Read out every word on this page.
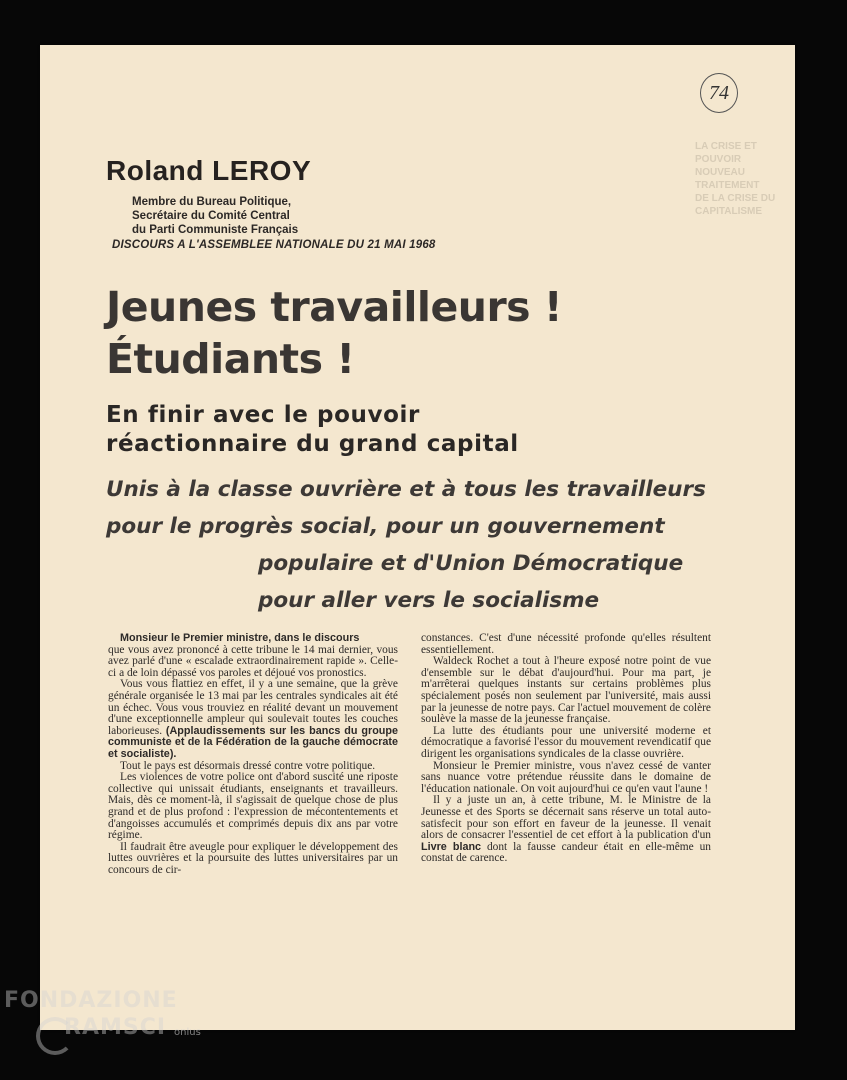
74
LA CRISE ET POUVOIR
NOUVEAU TRAITEMENT
DE LA CRISE DU CAPITALISME
Roland LEROY
Membre du Bureau Politique,
Secrétaire du Comité Central
du Parti Communiste Français
DISCOURS A L'ASSEMBLEE NATIONALE DU 21 MAI 1968
Jeunes travailleurs !
Étudiants !
En finir avec le pouvoir
réactionnaire du grand capital
Unis à la classe ouvrière et à tous les travailleurs
pour le progrès social, pour un gouvernement
populaire et d'Union Démocratique
pour aller vers le socialisme

Monsieur le Premier ministre, dans le discours

que vous avez prononcé à cette tribune le 14 mai dernier, vous avez parlé d'une « escalade extraordinairement rapide ». Celle-ci a de loin dépassé vos paroles et déjoué vos pronostics.

Vous vous flattiez en effet, il y a une semaine, que la grève générale organisée le 13 mai par les centrales syndicales ait été un échec. Vous vous trouviez en réalité devant un mouvement d'une exceptionnelle ampleur qui soulevait toutes les couches laborieuses. (Applaudissements sur les bancs du groupe communiste et de la Fédération de la gauche démocrate et socialiste).

Tout le pays est désormais dressé contre votre politique.

Les violences de votre police ont d'abord suscité une riposte collective qui unissait étudiants, enseignants et travailleurs. Mais, dès ce moment-là, il s'agissait de quelque chose de plus grand et de plus profond : l'expression de mécontentements et d'angoisses accumulés et comprimés depuis dix ans par votre régime.

Il faudrait être aveugle pour expliquer le développement des luttes ouvrières et la poursuite des luttes universitaires par un concours de cir-

constances. C'est d'une nécessité profonde qu'elles résultent essentiellement.

Waldeck Rochet a tout à l'heure exposé notre point de vue d'ensemble sur le débat d'aujourd'hui. Pour ma part, je m'arrêterai quelques instants sur certains problèmes plus spécialement posés non seulement par l'université, mais aussi par la jeunesse de notre pays. Car l'actuel mouvement de colère soulève la masse de la jeunesse française.

La lutte des étudiants pour une université moderne et démocratique a favorisé l'essor du mouvement revendicatif que dirigent les organisations syndicales de la classe ouvrière.

Monsieur le Premier ministre, vous n'avez cessé de vanter sans nuance votre prétendue réussite dans le domaine de l'éducation nationale. On voit aujourd'hui ce qu'en vaut l'aune !

Il y a juste un an, à cette tribune, M. le Ministre de la Jeunesse et des Sports se décernait sans réserve un total auto-satisfecit pour son effort en faveur de la jeunesse. Il venait alors de consacrer l'essentiel de cet effort à la publication d'un Livre blanc dont la fausse candeur était en elle-même un constat de carence.

FONDAZIONE
RAMSCI onlus
